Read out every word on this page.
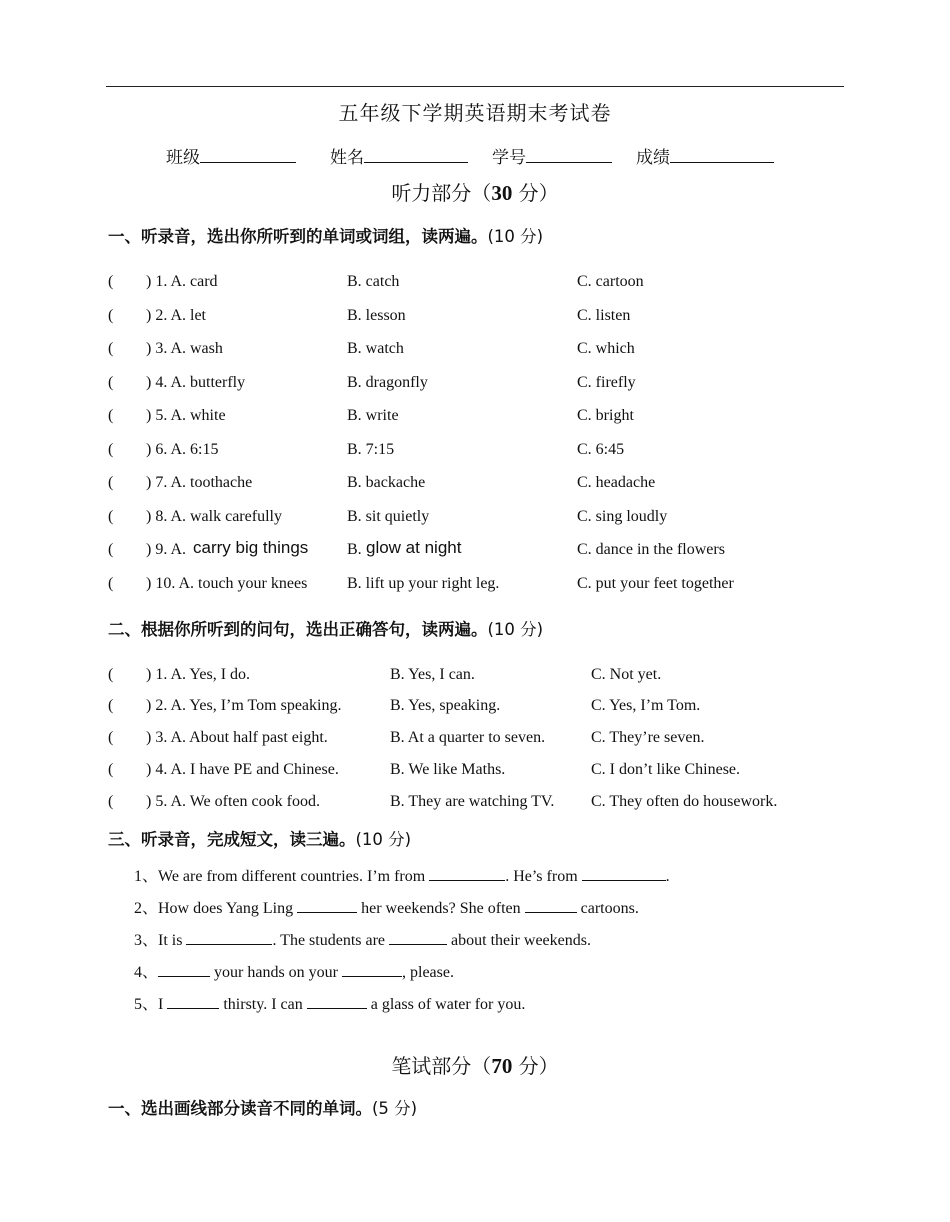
五年级下学期英语期末考试卷
班级	姓名	学号	成绩
听力部分（30 分）
一、听录音，选出你所听到的单词或词组，读两遍。(10 分)
( ) 1. A. card	B. catch	C. cartoon
( ) 2. A. let	B. lesson	C. listen
( ) 3. A. wash	B. watch	C. which
( ) 4. A. butterfly	B. dragonfly	C. firefly
( ) 5. A. white	B. write	C. bright
( ) 6. A. 6:15	B. 7:15	C. 6:45
( ) 7. A. toothache	B. backache	C. headache
( ) 8. A. walk carefully	B. sit quietly	C. sing loudly
( ) 9. A. carry big things B. glow at night	C. dance in the flowers
( ) 10. A. touch your knees B. lift up your right leg.	C. put your feet together
二、根据你所听到的问句，选出正确答句，读两遍。(10 分)
( ) 1. A. Yes, I do.	B. Yes, I can.	C. Not yet.
( ) 2. A. Yes, I’m Tom speaking.	B. Yes, speaking.	C. Yes, I’m Tom.
( ) 3. A. About half past eight.	B. At a quarter to seven.	C. They’re seven.
( ) 4. A. I have PE and Chinese.	B. We like Maths.	C. I don’t like Chinese.
( ) 5. A. We often cook food.	B. They are watching TV. C. They often do housework.
三、听录音，完成短文，读三遍。(10 分)
1、We are from different countries. I’m from	. He’s from	.
2、How does Yang Ling	her weekends? She often	cartoons.
3、It is	. The students are	about their weekends.
4、	your hands on your	, please.
5、I	thirsty. I can	a glass of water for you.
笔试部分（70 分）
一、选出画线部分读音不同的单词。(5 分)
